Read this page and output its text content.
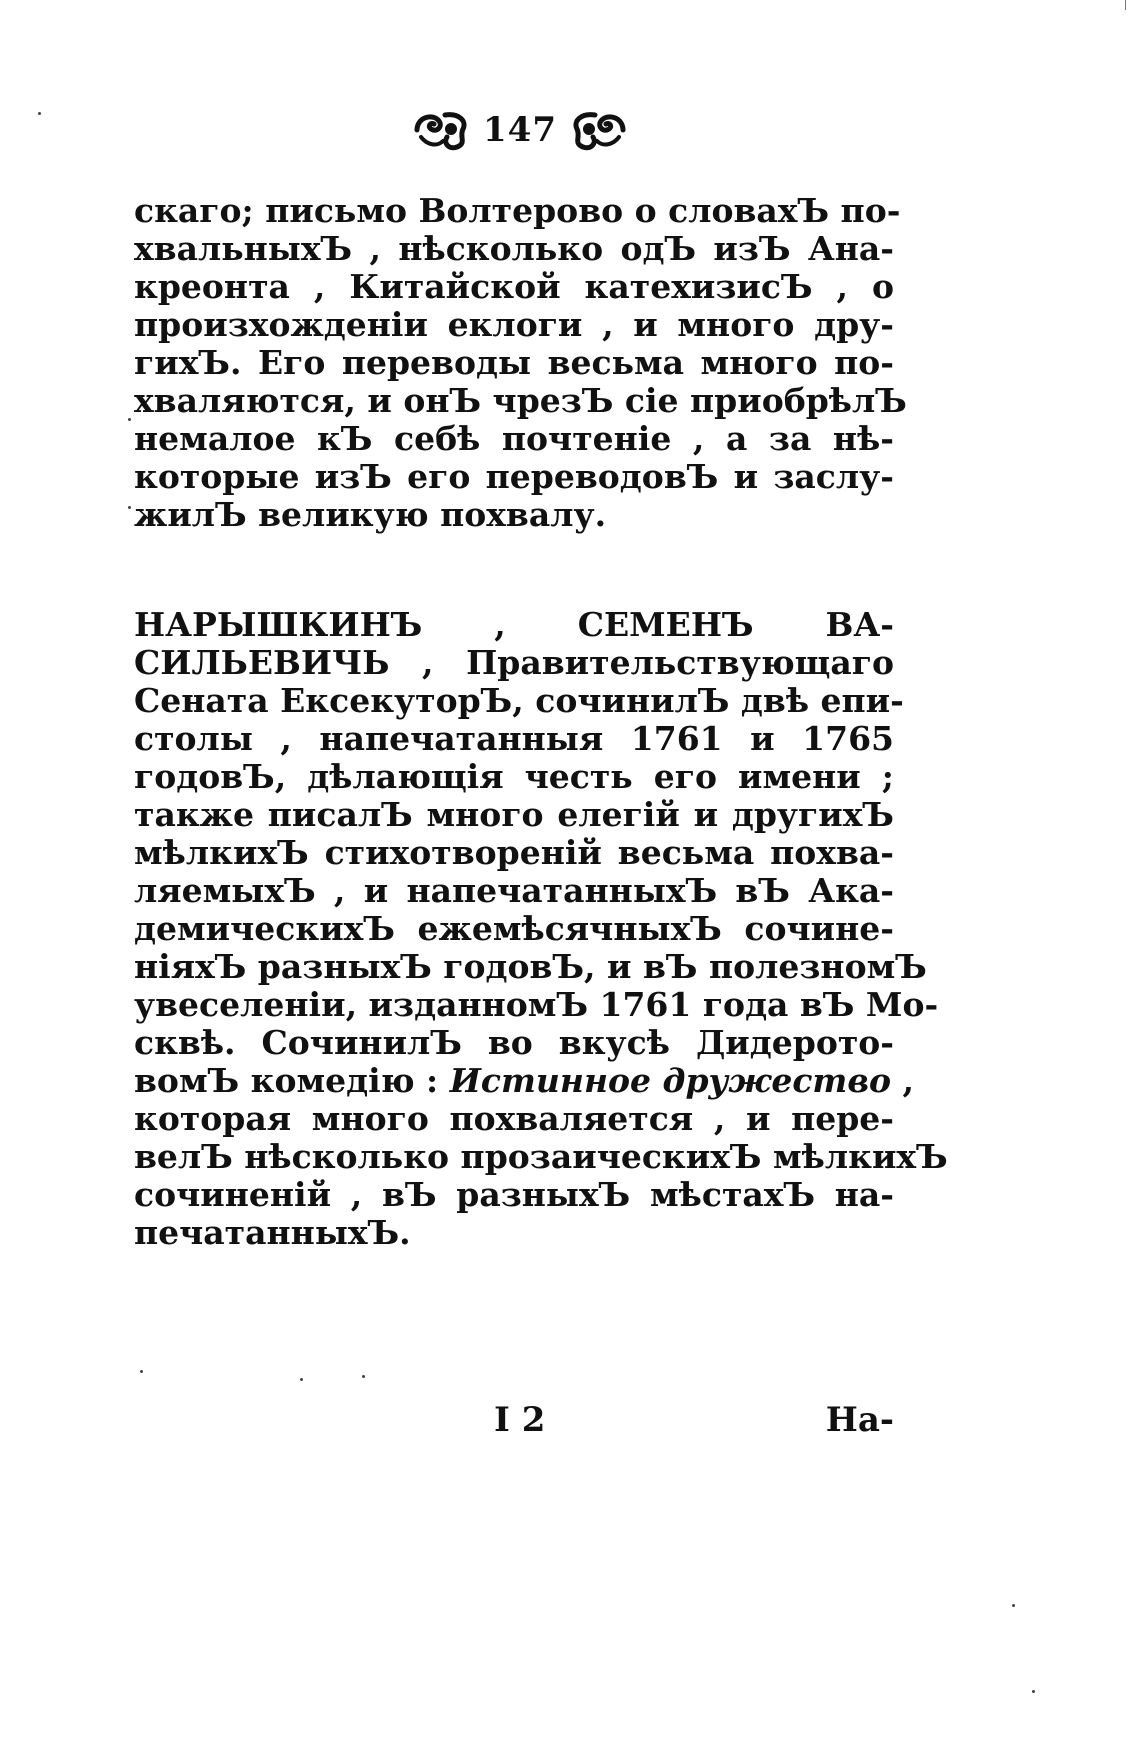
147
скаго; письмо Волтерово о словахЪ по-
хвальныхЪ , нѣсколько одЪ изЪ Ана-
креонта , Китайской катехизисЪ , о
произхожденіи еклоги , и много дру-
гихЪ. Его переводы весьма много по-
хваляются, и онЪ чрезЪ сіе приобрѣлЪ
немалое кЪ себѣ почтеніе , а за нѣ-
которые изЪ его переводовЪ и заслу-
жилЪ великую похвалу.
НАРЫШКИНЪ , СЕМЕНЪ ВА-
СИЛЬЕВИЧЬ , Правительствующаго
Сената ЕксекуторЪ, сочинилЪ двѣ епи-
столы , напечатанныя 1761 и 1765
годовЪ, дѣлающія честь его имени ;
также писалЪ много елегій и другихЪ
мѣлкихЪ стихотвореній весьма похва-
ляемыхЪ , и напечатанныхЪ вЪ Ака-
демическихЪ ежемѣсячныхЪ сочине-
ніяхЪ разныхЪ годовЪ, и вЪ полезномЪ
увеселеніи, изданномЪ 1761 года вЪ Мо-
сквѣ. СочинилЪ во вкусѣ Дидерото-
вомЪ комедію : Истинное дружество ,
которая много похваляется , и пере-
велЪ нѣсколько прозаическихЪ мѣлкихЪ
сочиненій , вЪ разныхЪ мѣстахЪ на-
печатанныхЪ.
I 2	На-
